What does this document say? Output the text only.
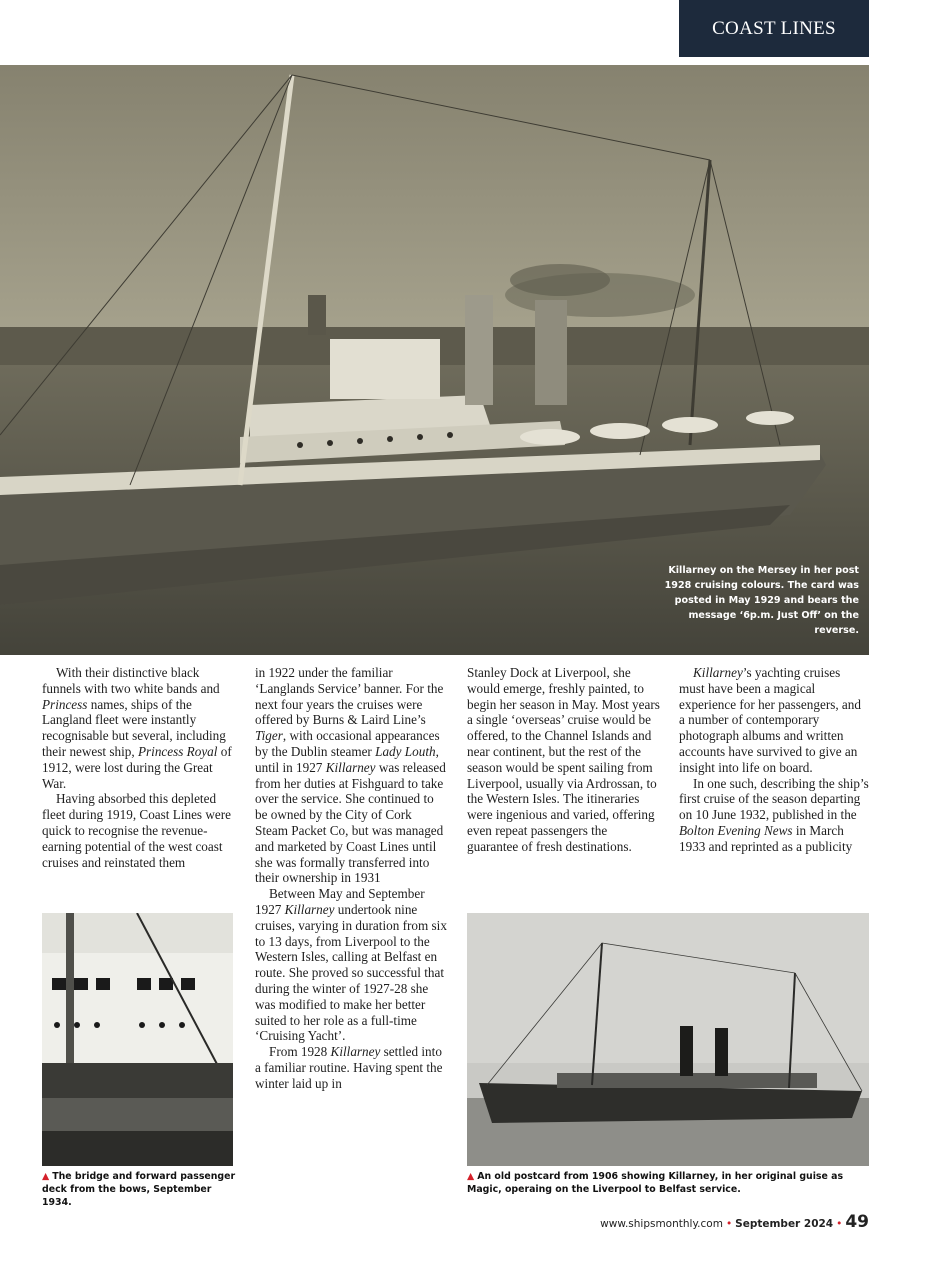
COAST LINES
Killarney on the Mersey in her post 1928 cruising colours. The card was posted in May 1929 and bears the message ‘6p.m. Just Off’ on the reverse.

With their distinctive black funnels with two white bands and Princess names, ships of the Langland fleet were instantly recognisable but several, including their newest ship, Princess Royal of 1912, were lost during the Great War.

Having absorbed this depleted fleet during 1919, Coast Lines were quick to recognise the revenue-earning potential of the west coast cruises and reinstated them

▲ The bridge and forward passenger deck from the bows, September 1934.

in 1922 under the familiar ‘Langlands Service’ banner. For the next four years the cruises were offered by Burns & Laird Line’s Tiger, with occasional appearances by the Dublin steamer Lady Louth, until in 1927 Killarney was released from her duties at Fishguard to take over the service. She continued to be owned by the City of Cork Steam Packet Co, but was managed and marketed by Coast Lines until she was formally transferred into their ownership in 1931

Between May and September 1927 Killarney undertook nine cruises, varying in duration from six to 13 days, from Liverpool to the Western Isles, calling at Belfast en route. She proved so successful that during the winter of 1927-28 she was modified to make her better suited to her role as a full-time ‘Cruising Yacht’.

From 1928 Killarney settled into a familiar routine. Having spent the winter laid up in

Stanley Dock at Liverpool, she would emerge, freshly painted, to begin her season in May. Most years a single ‘overseas’ cruise would be offered, to the Channel Islands and near continent, but the rest of the season would be spent sailing from Liverpool, usually via Ardrossan, to the Western Isles. The itineraries were ingenious and varied, offering even repeat passengers the guarantee of fresh destinations.

Killarney’s yachting cruises must have been a magical experience for her passengers, and a number of contemporary photograph albums and written accounts have survived to give an insight into life on board.

In one such, describing the ship’s first cruise of the season departing on 10 June 1932, published in the Bolton Evening News in March 1933 and reprinted as a publicity

▲ An old postcard from 1906 showing Killarney, in her original guise as Magic, operaing on the Liverpool to Belfast service.
www.shipsmonthly.com • September 2024 • 49
